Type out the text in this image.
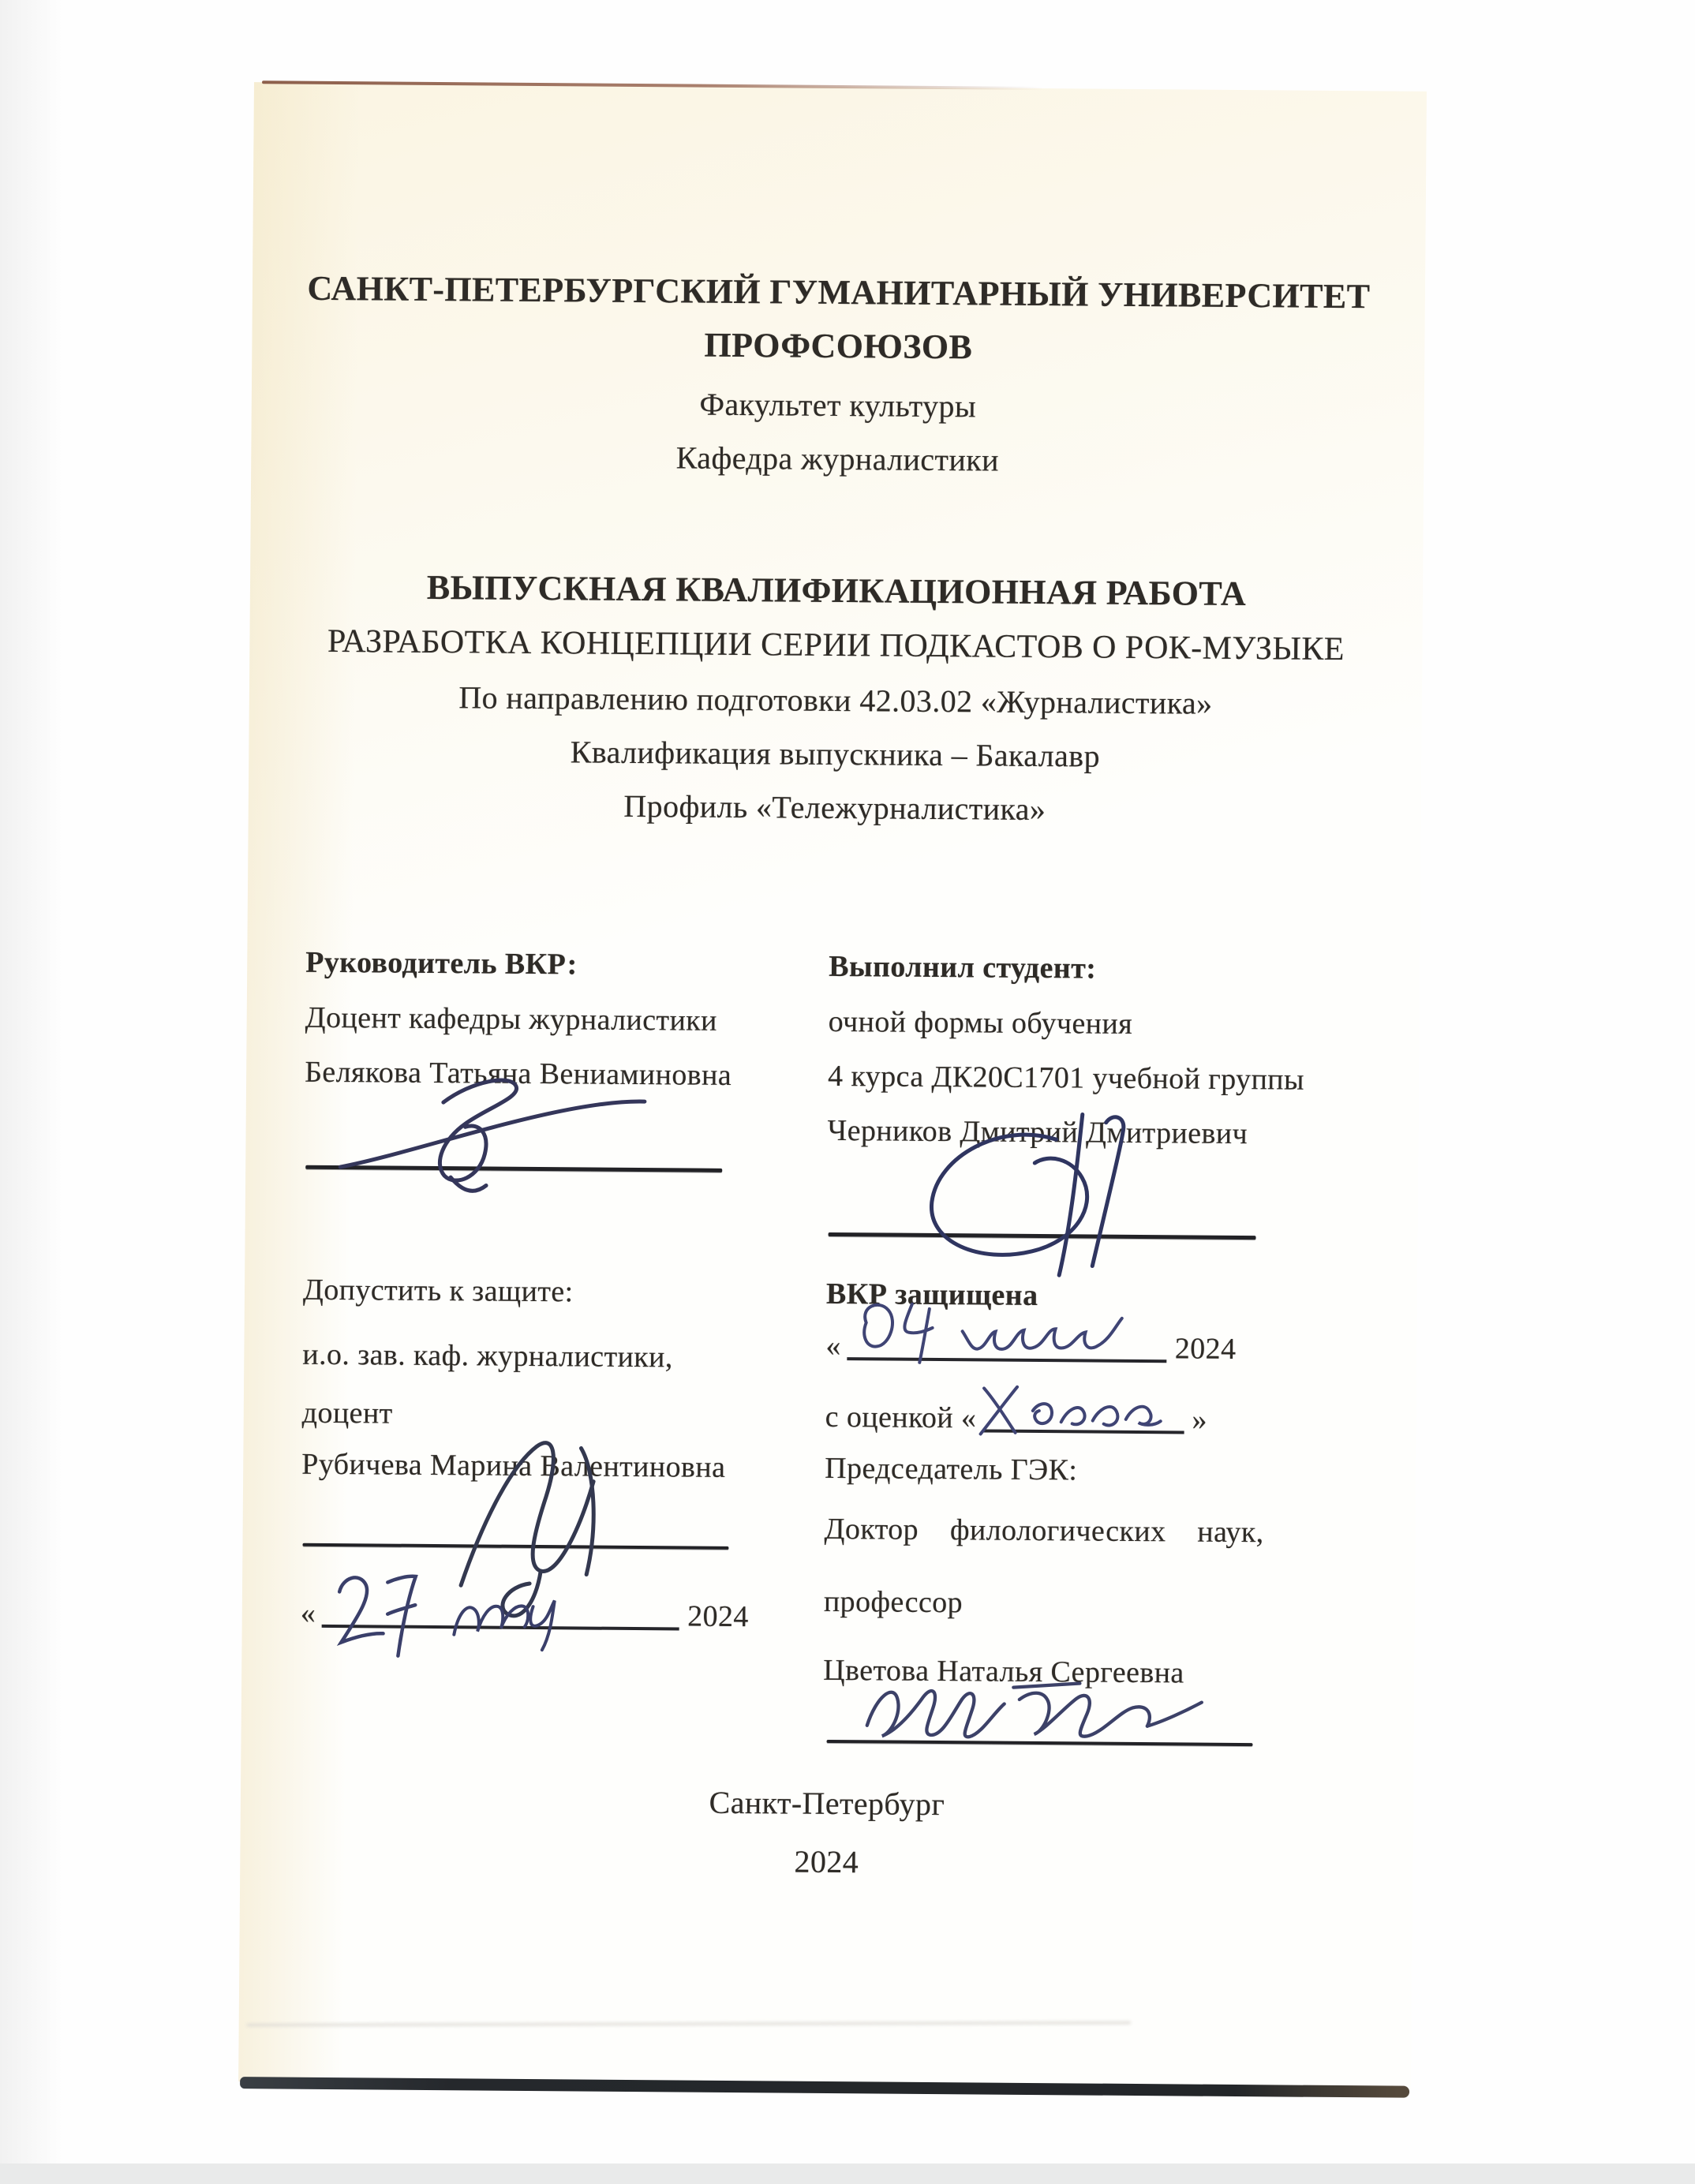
САНКТ-ПЕТЕРБУРГСКИЙ ГУМАНИТАРНЫЙ УНИВЕРСИТЕТ
ПРОФСОЮЗОВ
Факультет культуры
Кафедра журналистики
ВЫПУСКНАЯ КВАЛИФИКАЦИОННАЯ РАБОТА
РАЗРАБОТКА КОНЦЕПЦИИ СЕРИИ ПОДКАСТОВ О РОК-МУЗЫКЕ
По направлению подготовки 42.03.02 «Журналистика»
Квалификация выпускника – Бакалавр
Профиль «Тележурналистика»
Руководитель ВКР:	Выполнил студент:
Доцент кафедры журналистики	очной формы обучения
Белякова Татьяна Вениаминовна	4 курса ДК20С1701 учебной группы
Черников Дмитрий Дмитриевич
Допустить к защите:	ВКР защищена
«	2024
и.о. зав. каф. журналистики,
с оценкой «	»
доцент
Рубичева Марина Валентиновна	Председатель ГЭК:
Доктор филологических наук,
профессор
«	2024
Цветова Наталья Сергеевна
Санкт-Петербург
2024
